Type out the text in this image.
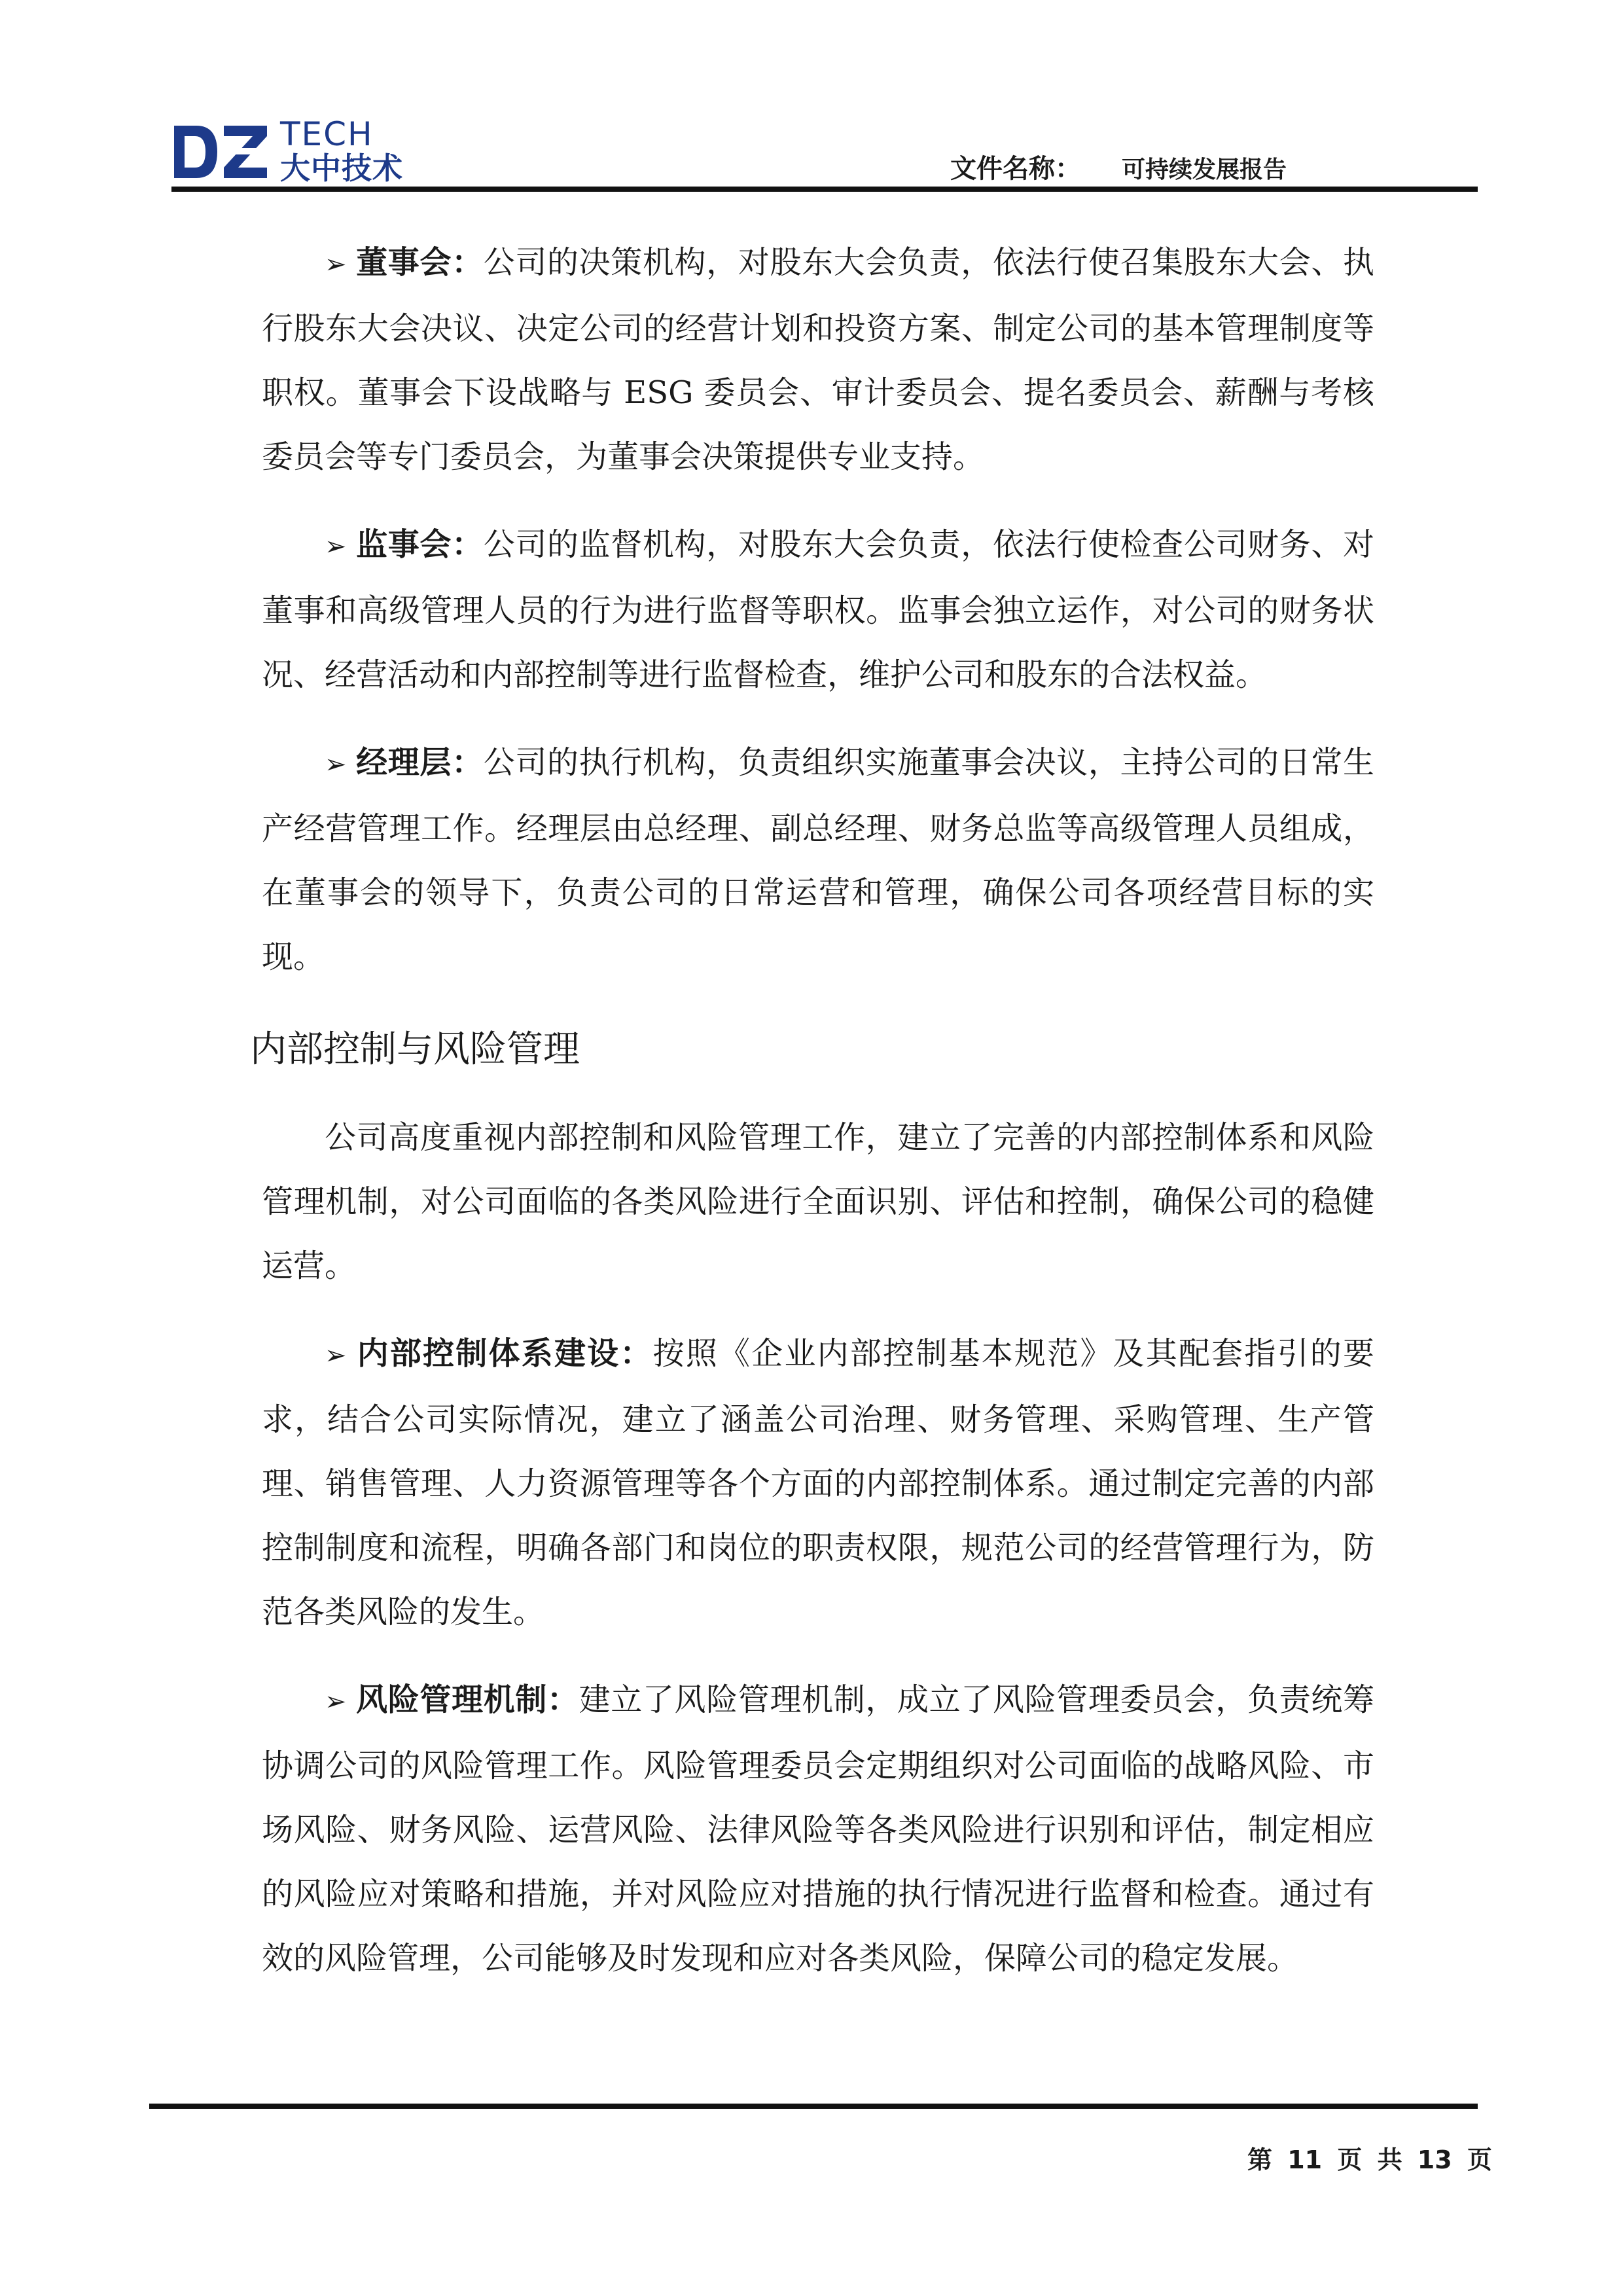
TECH
大中技术	文件名称： 可持续发展报告

➢ 董事会：公司的决策机构，对股东大会负责，依法行使召集股东大会、执行股东大会决议、决定公司的经营计划和投资方案、制定公司的基本管理制度等职权。董事会下设战略与 ESG 委员会、审计委员会、提名委员会、薪酬与考核委员会等专门委员会，为董事会决策提供专业支持。

➢ 监事会：公司的监督机构，对股东大会负责，依法行使检查公司财务、对董事和高级管理人员的行为进行监督等职权。监事会独立运作，对公司的财务状况、经营活动和内部控制等进行监督检查，维护公司和股东的合法权益。

➢ 经理层：公司的执行机构，负责组织实施董事会决议，主持公司的日常生产经营管理工作。经理层由总经理、副总经理、财务总监等高级管理人员组成，在董事会的领导下，负责公司的日常运营和管理，确保公司各项经营目标的实现。

内部控制与风险管理

公司高度重视内部控制和风险管理工作，建立了完善的内部控制体系和风险管理机制，对公司面临的各类风险进行全面识别、评估和控制，确保公司的稳健运营。

➢ 内部控制体系建设：按照《企业内部控制基本规范》及其配套指引的要求，结合公司实际情况，建立了涵盖公司治理、财务管理、采购管理、生产管理、销售管理、人力资源管理等各个方面的内部控制体系。通过制定完善的内部控制制度和流程，明确各部门和岗位的职责权限，规范公司的经营管理行为，防范各类风险的发生。

➢ 风险管理机制：建立了风险管理机制，成立了风险管理委员会，负责统筹协调公司的风险管理工作。风险管理委员会定期组织对公司面临的战略风险、市场风险、财务风险、运营风险、法律风险等各类风险进行识别和评估，制定相应的风险应对策略和措施，并对风险应对措施的执行情况进行监督和检查。通过有效的风险管理，公司能够及时发现和应对各类风险，保障公司的稳定发展。

第 11 页 共 13 页
